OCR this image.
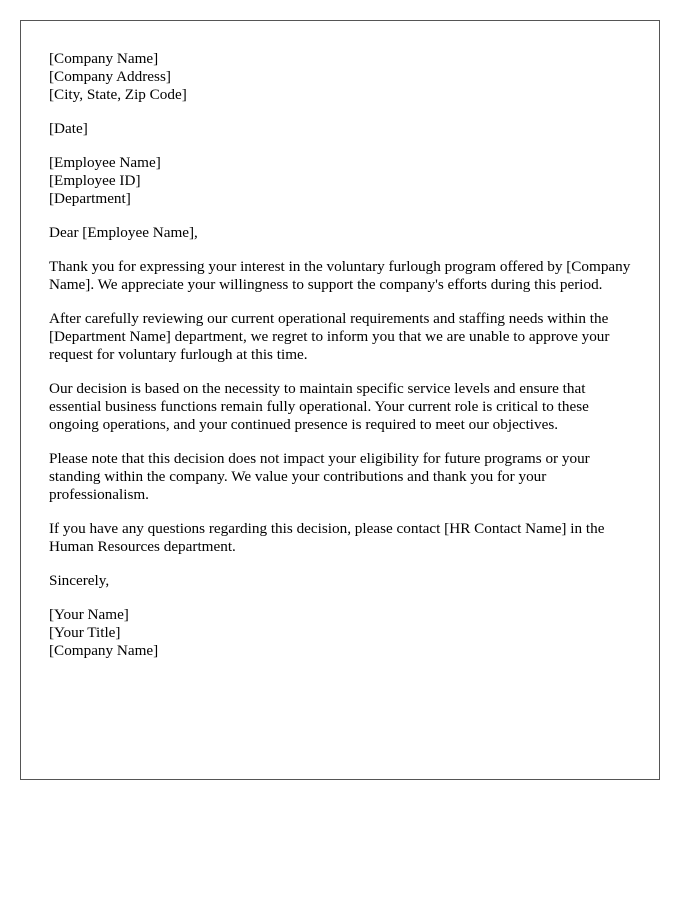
[Company Name]
[Company Address]
[City, State, Zip Code]
[Date]
[Employee Name]
[Employee ID]
[Department]

Dear [Employee Name],

Thank you for expressing your interest in the voluntary furlough program offered by [Company Name]. We appreciate your willingness to support the company's efforts during this period.

After carefully reviewing our current operational requirements and staffing needs within the [Department Name] department, we regret to inform you that we are unable to approve your request for voluntary furlough at this time.

Our decision is based on the necessity to maintain specific service levels and ensure that essential business functions remain fully operational. Your current role is critical to these ongoing operations, and your continued presence is required to meet our objectives.

Please note that this decision does not impact your eligibility for future programs or your standing within the company. We value your contributions and thank you for your professionalism.

If you have any questions regarding this decision, please contact [HR Contact Name] in the Human Resources department.

Sincerely,

[Your Name]
[Your Title]
[Company Name]
